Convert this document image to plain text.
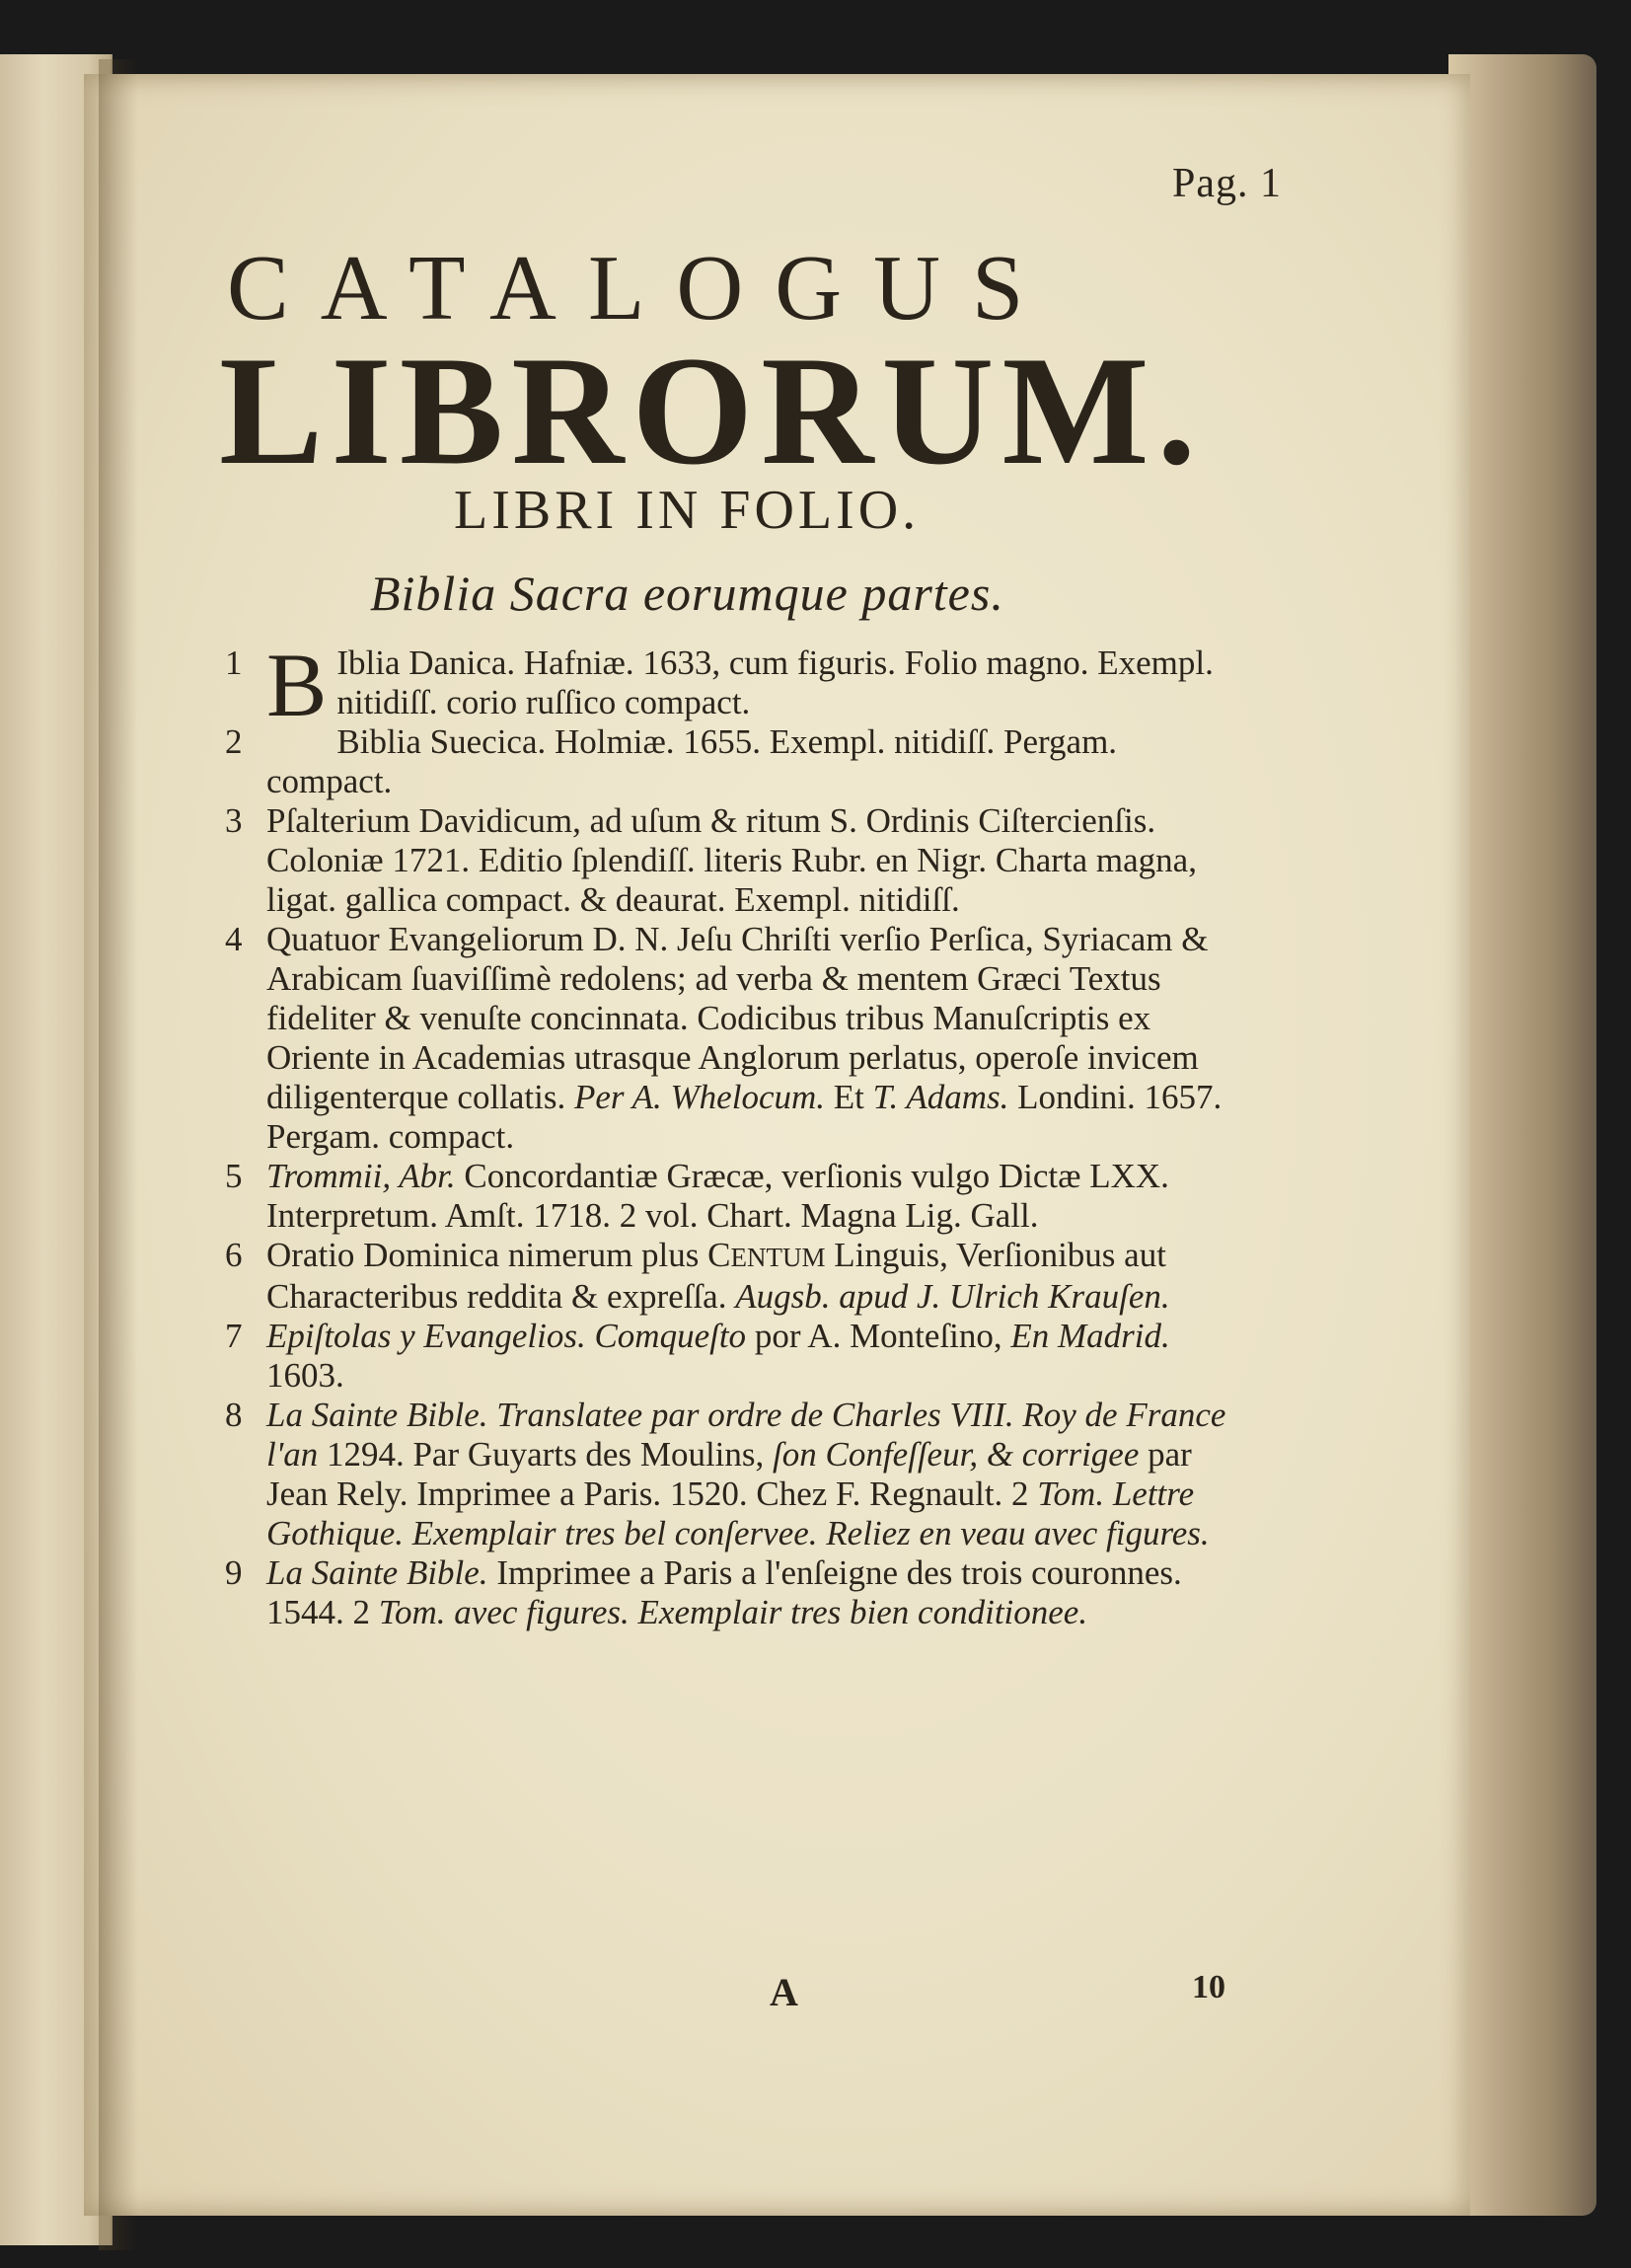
Pag. 1
CATALOGUS
LIBRORUM.
LIBRI IN FOLIO.
Biblia Sacra eorumque partes.
1 B Iblia Danica. Hafniæ. 1633, cum figuris. Folio magno. Exempl. nitidiſſ. corio ruſſico compact.
2	Biblia Suecica. Holmiæ. 1655. Exempl. nitidiſſ. Pergam. compact.
3 Pſalterium Davidicum, ad uſum & ritum S. Ordinis Ciſtercienſis. Coloniæ 1721. Editio ſplendiſſ. literis Rubr. en Nigr. Charta magna, ligat. gallica compact. & deaurat. Exempl. nitidiſſ.
4 Quatuor Evangeliorum D. N. Jeſu Chriſti verſio Perſica, Syriacam & Arabicam ſuaviſſimè redolens; ad verba & mentem Græci Textus fideliter & venuſte concinnata. Codicibus tribus Manuſcriptis ex Oriente in Academias utrasque Anglorum perlatus, operoſe invicem diligenterque collatis. Per A. Whelocum. Et T. Adams. Londini. 1657. Pergam. compact.
5 Trommii, Abr. Concordantiæ Græcæ, verſionis vulgo Dictæ LXX. Interpretum. Amſt. 1718. 2 vol. Chart. Magna Lig. Gall.
6 Oratio Dominica nimerum plus CENTUM Linguis, Verſionibus aut Characteribus reddita & expreſſa. Augsb. apud J. Ulrich Krauſen.
7 Epiſtolas y Evangelios. Comqueſto por A. Monteſino, En Madrid. 1603.
8 La Sainte Bible. Translatee par ordre de Charles VIII. Roy de France l'an 1294. Par Guyarts des Moulins, ſon Confeſſeur, & corrigee par Jean Rely. Imprimee a Paris. 1520. Chez F. Regnault. 2 Tom. Lettre Gothique. Exemplair tres bel conſervee. Reliez en veau avec figures.
9 La Sainte Bible. Imprimee a Paris a l'enſeigne des trois couronnes. 1544. 2 Tom. avec figures. Exemplair tres bien conditionee.
A	10
